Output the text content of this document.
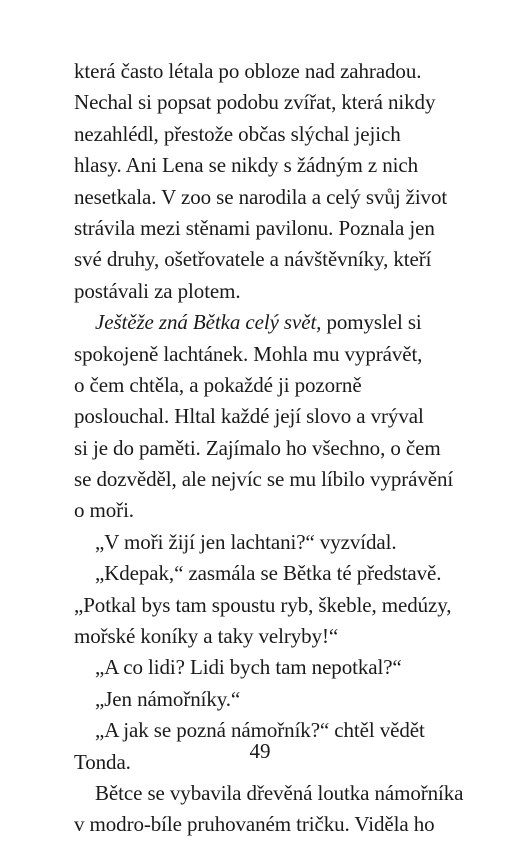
která často létala po obloze nad zahradou.
Nechal si popsat podobu zvířat, která nikdy
nezahlédl, přestože občas slýchal jejich
hlasy. Ani Lena se nikdy s žádným z nich
nesetkala. V zoo se narodila a celý svůj život
strávila mezi stěnami pavilonu. Poznala jen
své druhy, ošetřovatele a návštěvníky, kteří
postávali za plotem.
Ještěže zná Bětka celý svět, pomyslel si
spokojeně lachtánek. Mohla mu vyprávět,
o čem chtěla, a pokaždé ji pozorně
poslouchal. Hltal každé její slovo a vrýval
si je do paměti. Zajímalo ho všechno, o čem
se dozvěděl, ale nejvíc se mu líbilo vyprávění
o moři.
„V moři žijí jen lachtani?“ vyzvídal.
„Kdepak,“ zasmála se Bětka té představě.
„Potkal bys tam spoustu ryb, škeble, medúzy,
mořské koníky a taky velryby!“
„A co lidi? Lidi bych tam nepotkal?“
„Jen námořníky.“
„A jak se pozná námořník?“ chtěl vědět
Tonda.
Bětce se vybavila dřevěná loutka námořníka
v modro-bíle pruhovaném tričku. Viděla ho
49
